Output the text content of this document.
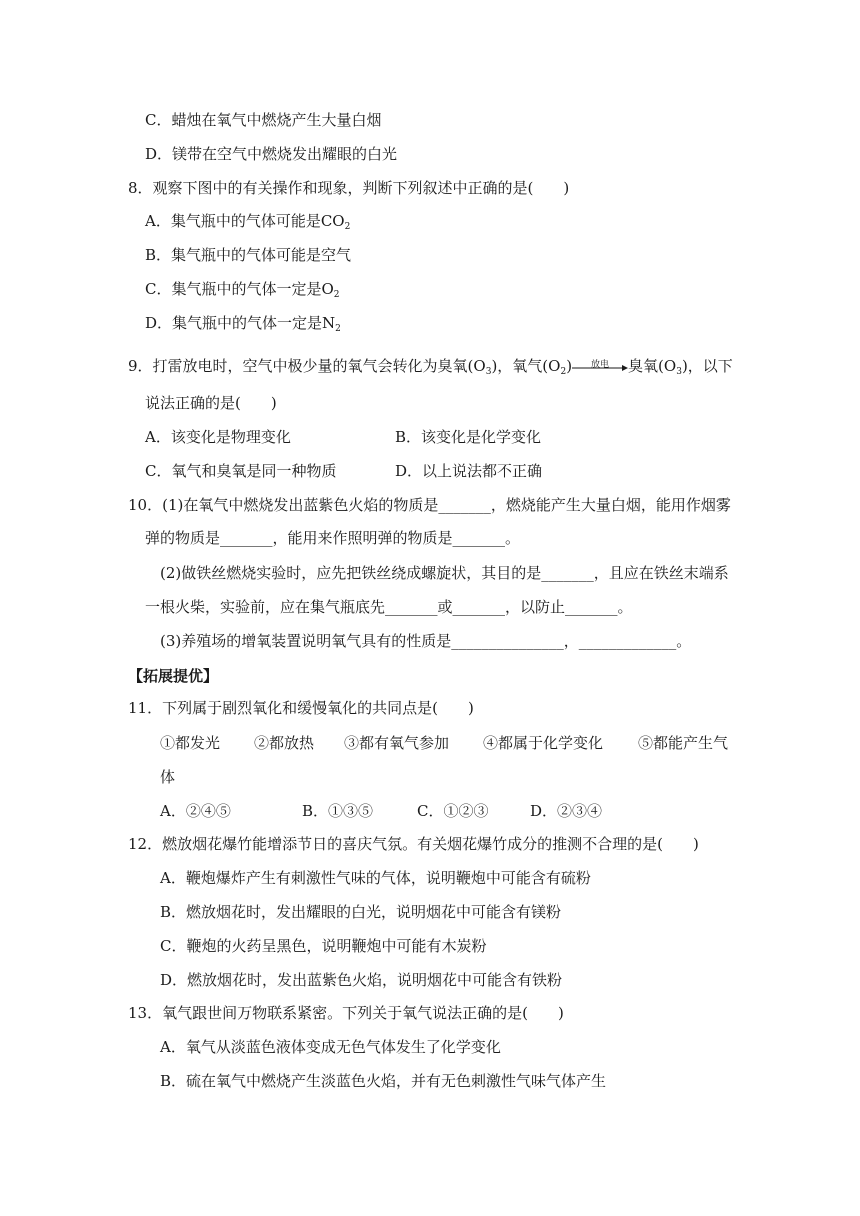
C．蜡烛在氧气中燃烧产生大量白烟
D．镁带在空气中燃烧发出耀眼的白光
8．观察下图中的有关操作和现象，判断下列叙述中正确的是(　　)
A．集气瓶中的气体可能是$CO_2$
B．集气瓶中的气体可能是空气
C．集气瓶中的气体一定是$O_2$
D．集气瓶中的气体一定是$N_2$
9．打雷放电时，空气中极少量的氧气会转化为臭氧$(O_3)$，氧气$(O_2)$	放电	臭氧$(O_3)$，以下
说法正确的是(　　)
A．该变化是物理变化	B．该变化是化学变化
C．氧气和臭氧是同一种物质	D．以上说法都不正确
10．(1)在氧气中燃烧发出蓝紫色火焰的物质是_______，燃烧能产生大量白烟，能用作烟雾
弹的物质是_______，能用来作照明弹的物质是_______。
(2)做铁丝燃烧实验时，应先把铁丝绕成螺旋状，其目的是_______，且应在铁丝末端系
一根火柴，实验前，应在集气瓶底先_______或_______，以防止_______。
(3)养殖场的增氧装置说明氧气具有的性质是_______________，_____________。
【拓展提优】
11．下列属于剧烈氧化和缓慢氧化的共同点是(　　)
①都发光 ②都放热 ③都有氧气参加 ④都属于化学变化 ⑤都能产生气
体
A．②④⑤	B．①③⑤	C．①②③	D．②③④
12．燃放烟花爆竹能增添节日的喜庆气氛。有关烟花爆竹成分的推测不合理的是(　　)
A．鞭炮爆炸产生有刺激性气味的气体，说明鞭炮中可能含有硫粉
B．燃放烟花时，发出耀眼的白光，说明烟花中可能含有镁粉
C．鞭炮的火药呈黑色，说明鞭炮中可能有木炭粉
D．燃放烟花时，发出蓝紫色火焰，说明烟花中可能含有铁粉
13．氧气跟世间万物联系紧密。下列关于氧气说法正确的是(　　)
A．氧气从淡蓝色液体变成无色气体发生了化学变化
B．硫在氧气中燃烧产生淡蓝色火焰，并有无色刺激性气味气体产生
